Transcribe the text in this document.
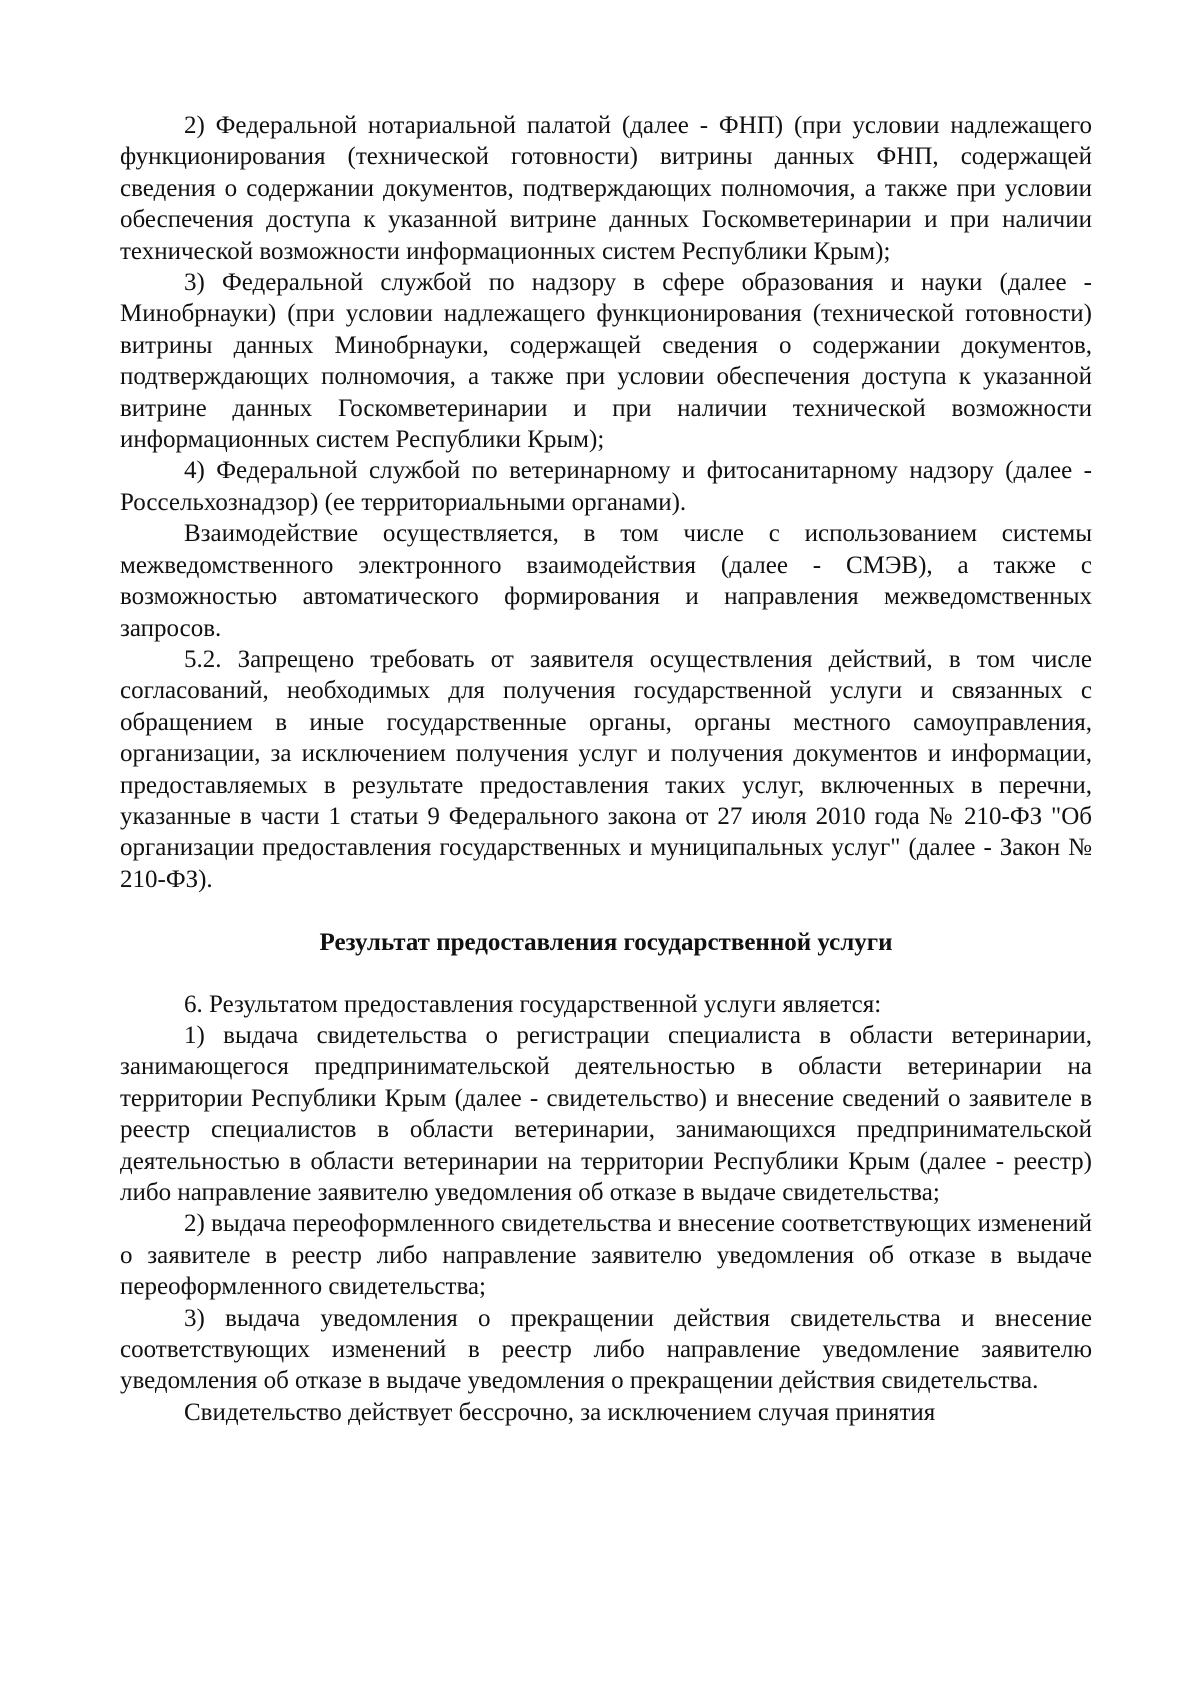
2) Федеральной нотариальной палатой (далее - ФНП) (при условии надлежащего функционирования (технической готовности) витрины данных ФНП, содержащей сведения о содержании документов, подтверждающих полномочия, а также при условии обеспечения доступа к указанной витрине данных Госкомветеринарии и при наличии технической возможности информационных систем Республики Крым);

3) Федеральной службой по надзору в сфере образования и науки (далее - Минобрнауки) (при условии надлежащего функционирования (технической готовности) витрины данных Минобрнауки, содержащей сведения о содержании документов, подтверждающих полномочия, а также при условии обеспечения доступа к указанной витрине данных Госкомветеринарии и при наличии технической возможности информационных систем Республики Крым);

4) Федеральной службой по ветеринарному и фитосанитарному надзору (далее - Россельхознадзор) (ее территориальными органами).

Взаимодействие осуществляется, в том числе с использованием системы межведомственного электронного взаимодействия (далее - СМЭВ), а также с возможностью автоматического формирования и направления межведомственных запросов.

5.2. Запрещено требовать от заявителя осуществления действий, в том числе согласований, необходимых для получения государственной услуги и связанных с обращением в иные государственные органы, органы местного самоуправления, организации, за исключением получения услуг и получения документов и информации, предоставляемых в результате предоставления таких услуг, включенных в перечни, указанные в части 1 статьи 9 Федерального закона от 27 июля 2010 года № 210-ФЗ "Об организации предоставления государственных и муниципальных услуг" (далее - Закон № 210-ФЗ).

Результат предоставления государственной услуги

6. Результатом предоставления государственной услуги является:

1) выдача свидетельства о регистрации специалиста в области ветеринарии, занимающегося предпринимательской деятельностью в области ветеринарии на территории Республики Крым (далее - свидетельство) и внесение сведений о заявителе в реестр специалистов в области ветеринарии, занимающихся предпринимательской деятельностью в области ветеринарии на территории Республики Крым (далее - реестр) либо направление заявителю уведомления об отказе в выдаче свидетельства;

2) выдача переоформленного свидетельства и внесение соответствующих изменений о заявителе в реестр либо направление заявителю уведомления об отказе в выдаче переоформленного свидетельства;

3) выдача уведомления о прекращении действия свидетельства и внесение соответствующих изменений в реестр либо направление уведомление заявителю уведомления об отказе в выдаче уведомления о прекращении действия свидетельства.

Свидетельство действует бессрочно, за исключением случая принятия
